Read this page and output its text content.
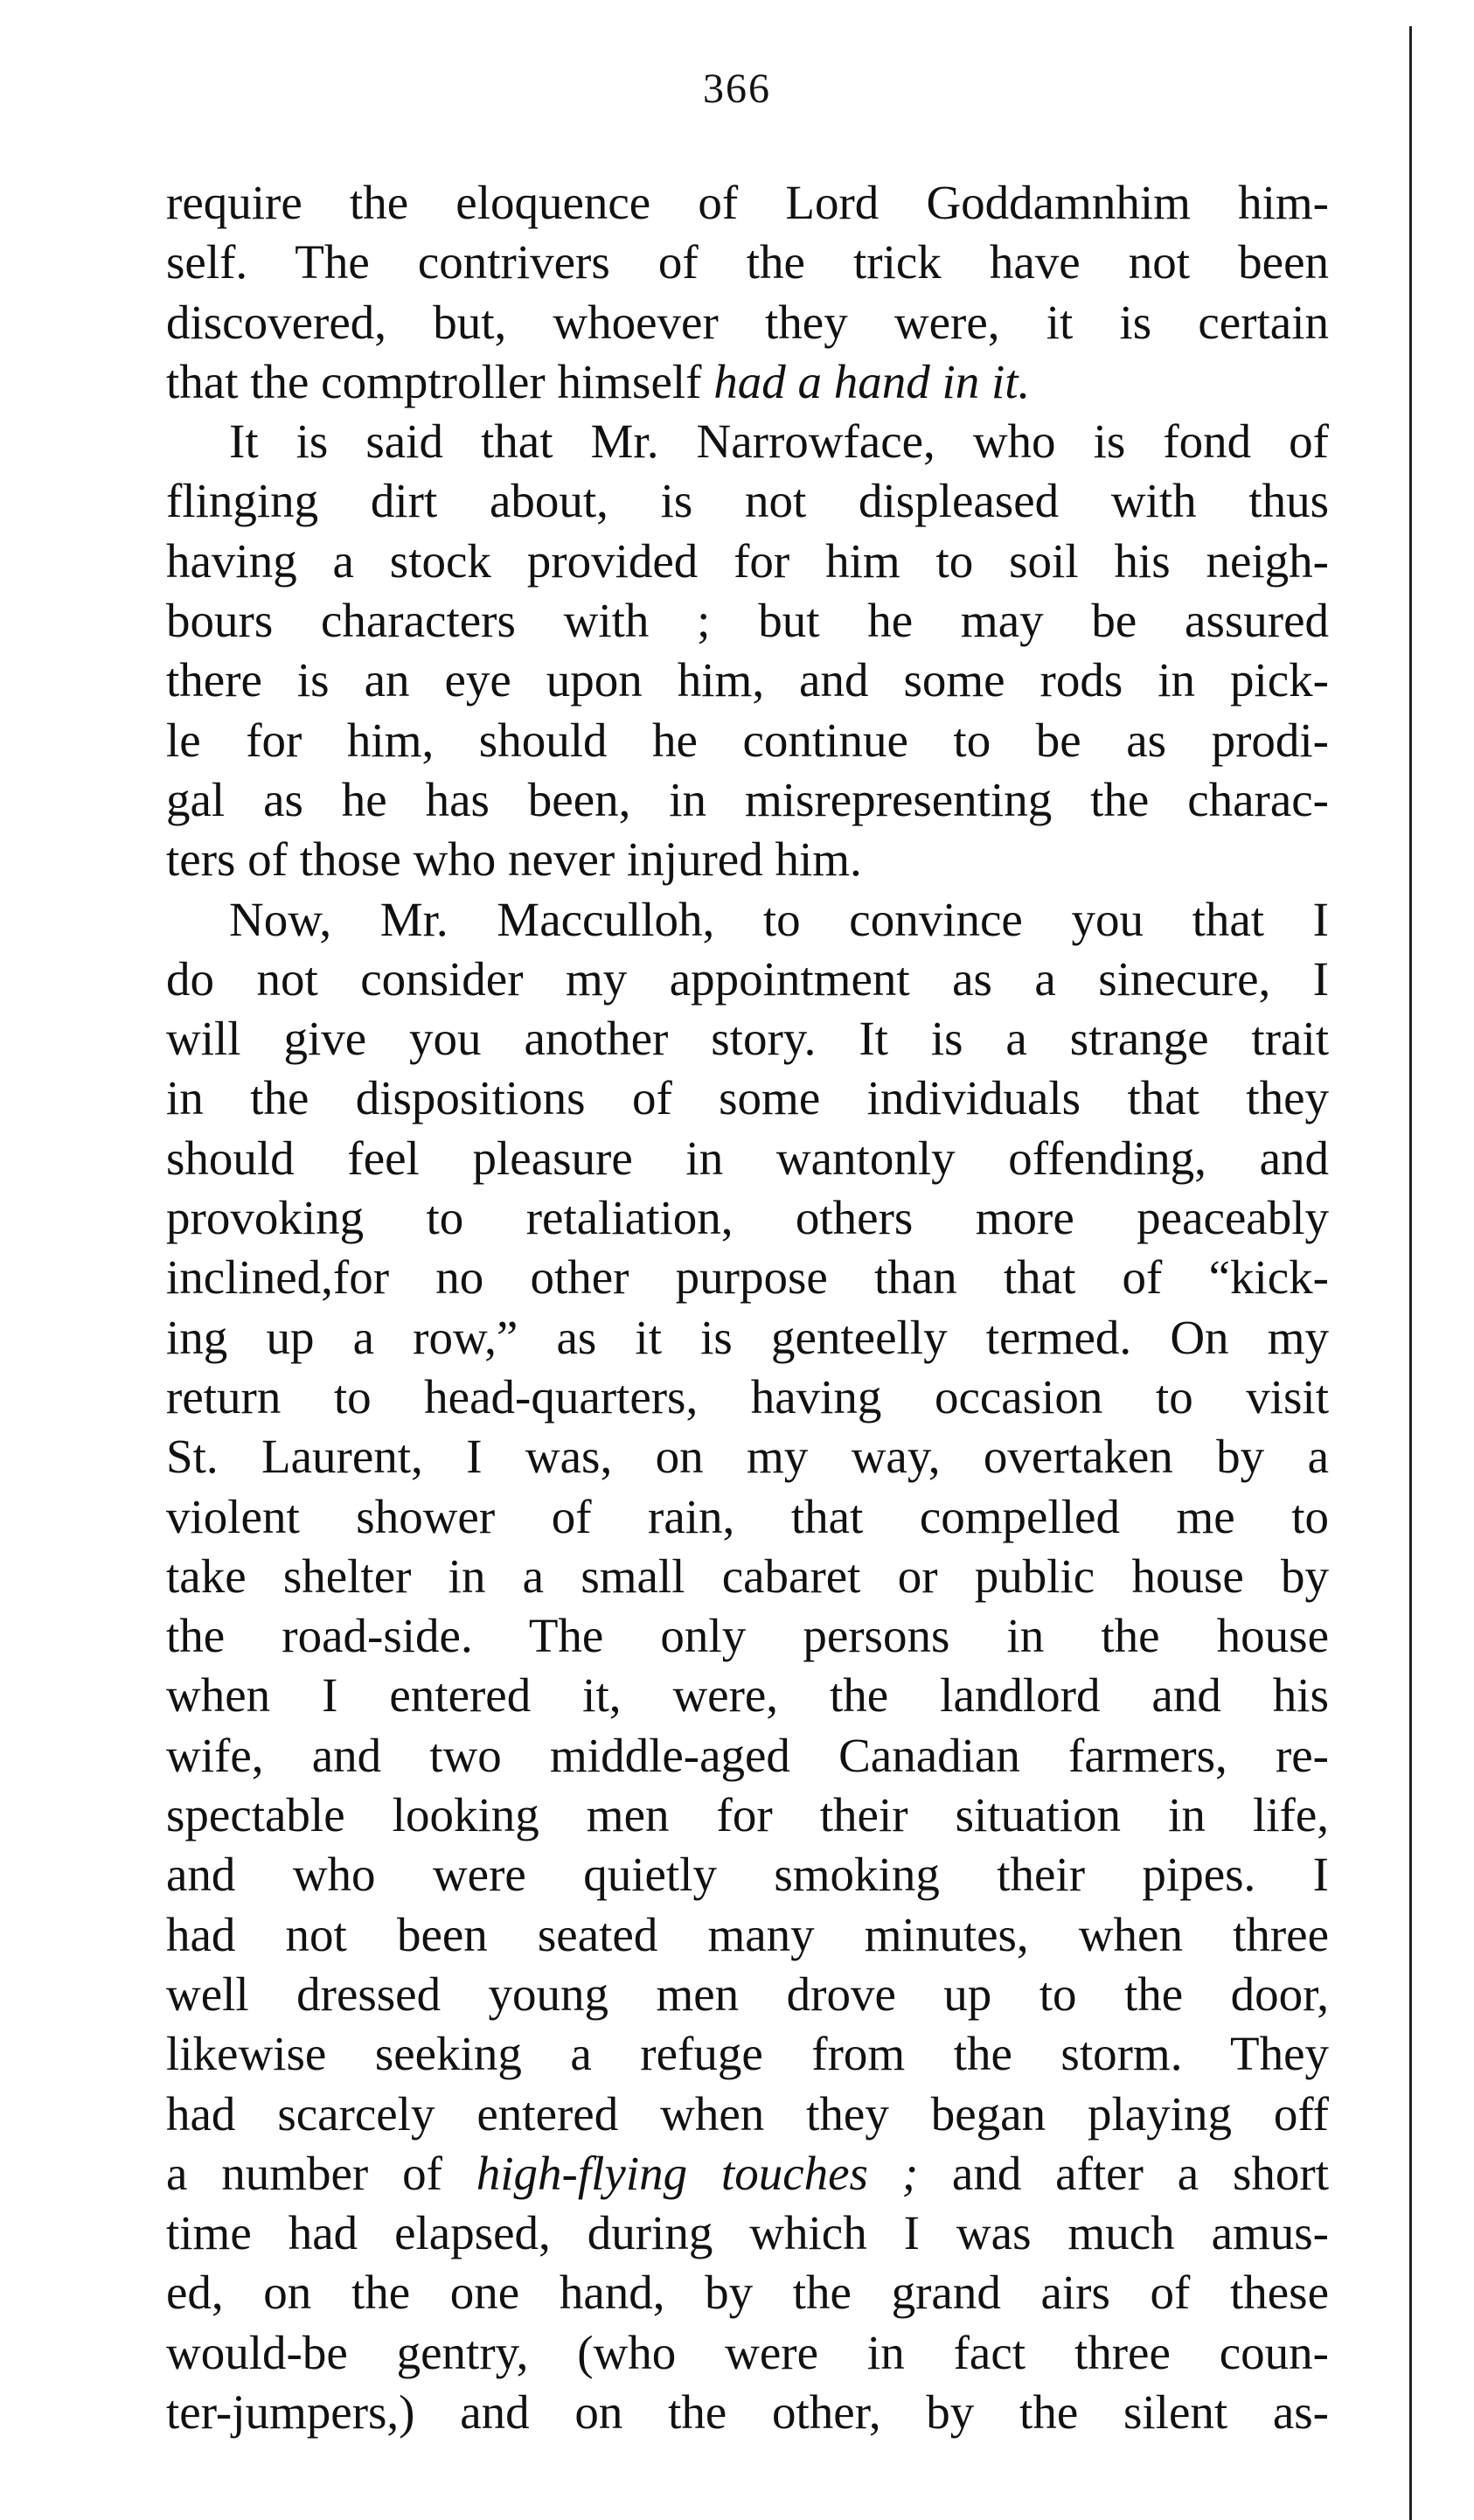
366
require the eloquence of Lord Goddamnhim him-
self. The contrivers of the trick have not been
discovered, but, whoever they were, it is certain
that the comptroller himself had a hand in it.
It is said that Mr. Narrowface, who is fond of
flinging dirt about, is not displeased with thus
having a stock provided for him to soil his neigh-
bours characters with ; but he may be assured
there is an eye upon him, and some rods in pick-
le for him, should he continue to be as prodi-
gal as he has been, in misrepresenting the charac-
ters of those who never injured him.
Now, Mr. Macculloh, to convince you that I
do not consider my appointment as a sinecure, I
will give you another story. It is a strange trait
in the dispositions of some individuals that they
should feel pleasure in wantonly offending, and
provoking to retaliation, others more peaceably
inclined,for no other purpose than that of “kick-
ing up a row,” as it is genteelly termed. On my
return to head-quarters, having occasion to visit
St. Laurent, I was, on my way, overtaken by a
violent shower of rain, that compelled me to
take shelter in a small cabaret or public house by
the road-side. The only persons in the house
when I entered it, were, the landlord and his
wife, and two middle-aged Canadian farmers, re-
spectable looking men for their situation in life,
and who were quietly smoking their pipes. I
had not been seated many minutes, when three
well dressed young men drove up to the door,
likewise seeking a refuge from the storm. They
had scarcely entered when they began playing off
a number of high-flying touches ; and after a short
time had elapsed, during which I was much amus-
ed, on the one hand, by the grand airs of these
would-be gentry, (who were in fact three coun-
ter-jumpers,) and on the other, by the silent as-
